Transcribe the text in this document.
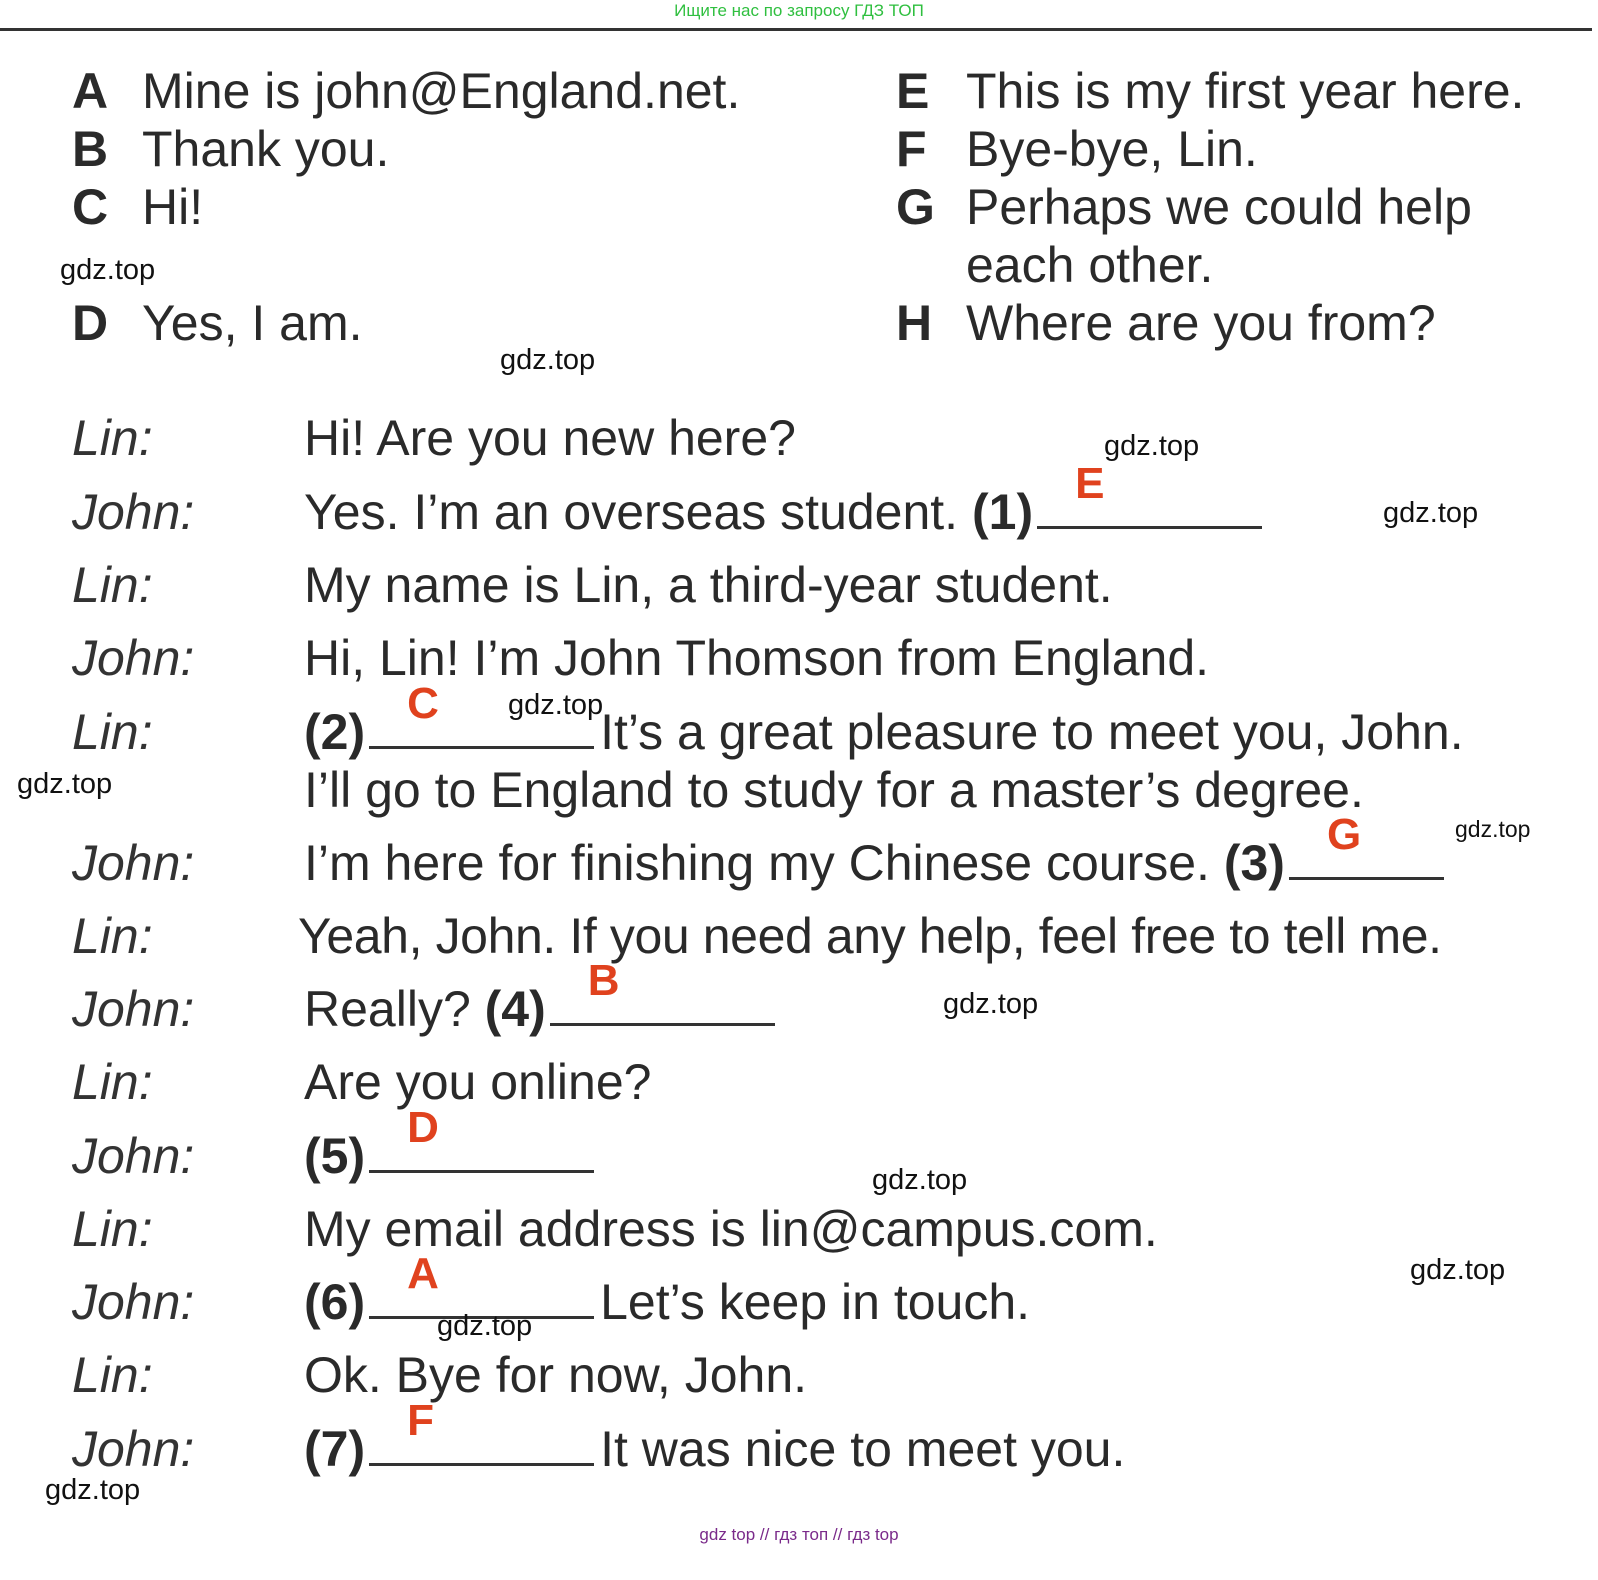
Ищите нас по запросу ГДЗ ТОП
A Mine is john@England.net.
B Thank you.
C Hi!
D Yes, I am.
E This is my first year here.
F Bye-bye, Lin.
G Perhaps we could help
each other.
H Where are you from?
Lin:	Hi! Are you new here?
John: Yes. I’m an overseas student. (1)
E
Lin:	My name is Lin, a third-year student.
John: Hi, Lin! I’m John Thomson from England.
Lin:	(2)
C
It’s a great pleasure to meet you, John.
I’ll go to England to study for a master’s degree.
John: I’m here for finishing my Chinese course. (3)
G
Lin:	Yeah, John. If you need any help, feel free to tell me.
John: Really? (4)
B
Lin:	Are you online?
John: (5)
D
Lin:	My email address is lin@campus.com.
John: (6)
A
Let’s keep in touch.
Lin:	Ok. Bye for now, John.
John: (7)
F
It was nice to meet you.
gdz.top
gdz.top
gdz.top
gdz.top
gdz.top
gdz.top
gdz.top
gdz.top
gdz.top
gdz.top
gdz.top
gdz.top
gdz top // гдз топ // гдз top
